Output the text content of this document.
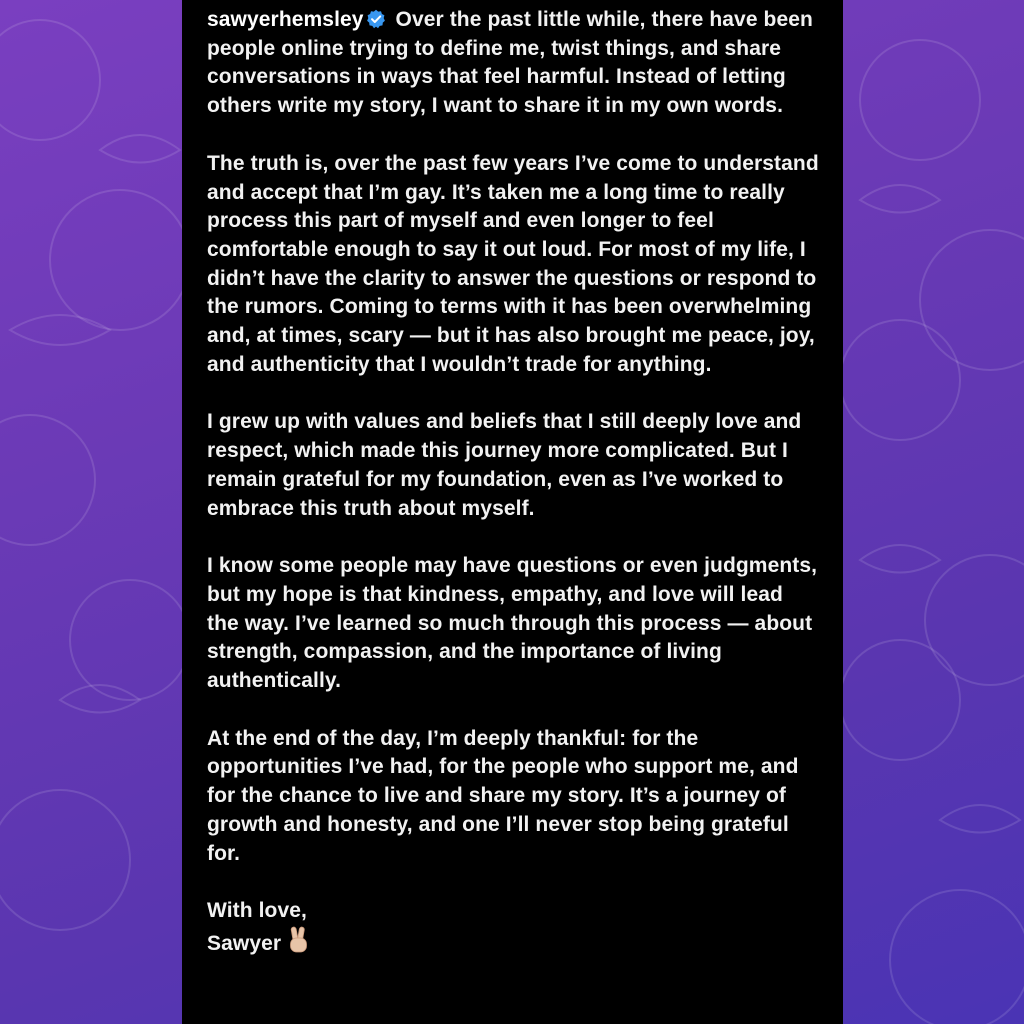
sawyerhemsley Over the past little while, there have been people online trying to define me, twist things, and share conversations in ways that feel harmful. Instead of letting others write my story, I want to share it in my own words.

The truth is, over the past few years I’ve come to understand and accept that I’m gay. It’s taken me a long time to really process this part of myself and even longer to feel comfortable enough to say it out loud. For most of my life, I didn’t have the clarity to answer the questions or respond to the rumors. Coming to terms with it has been overwhelming and, at times, scary — but it has also brought me peace, joy, and authenticity that I wouldn’t trade for anything.

I grew up with values and beliefs that I still deeply love and respect, which made this journey more complicated. But I remain grateful for my foundation, even as I’ve worked to embrace this truth about myself.

I know some people may have questions or even judgments, but my hope is that kindness, empathy, and love will lead the way. I’ve learned so much through this process — about strength, compassion, and the importance of living authentically.

At the end of the day, I’m deeply thankful: for the opportunities I’ve had, for the people who support me, and for the chance to live and share my story. It’s a journey of growth and honesty, and one I’ll never stop being grateful for.

With love,
Sawyer
